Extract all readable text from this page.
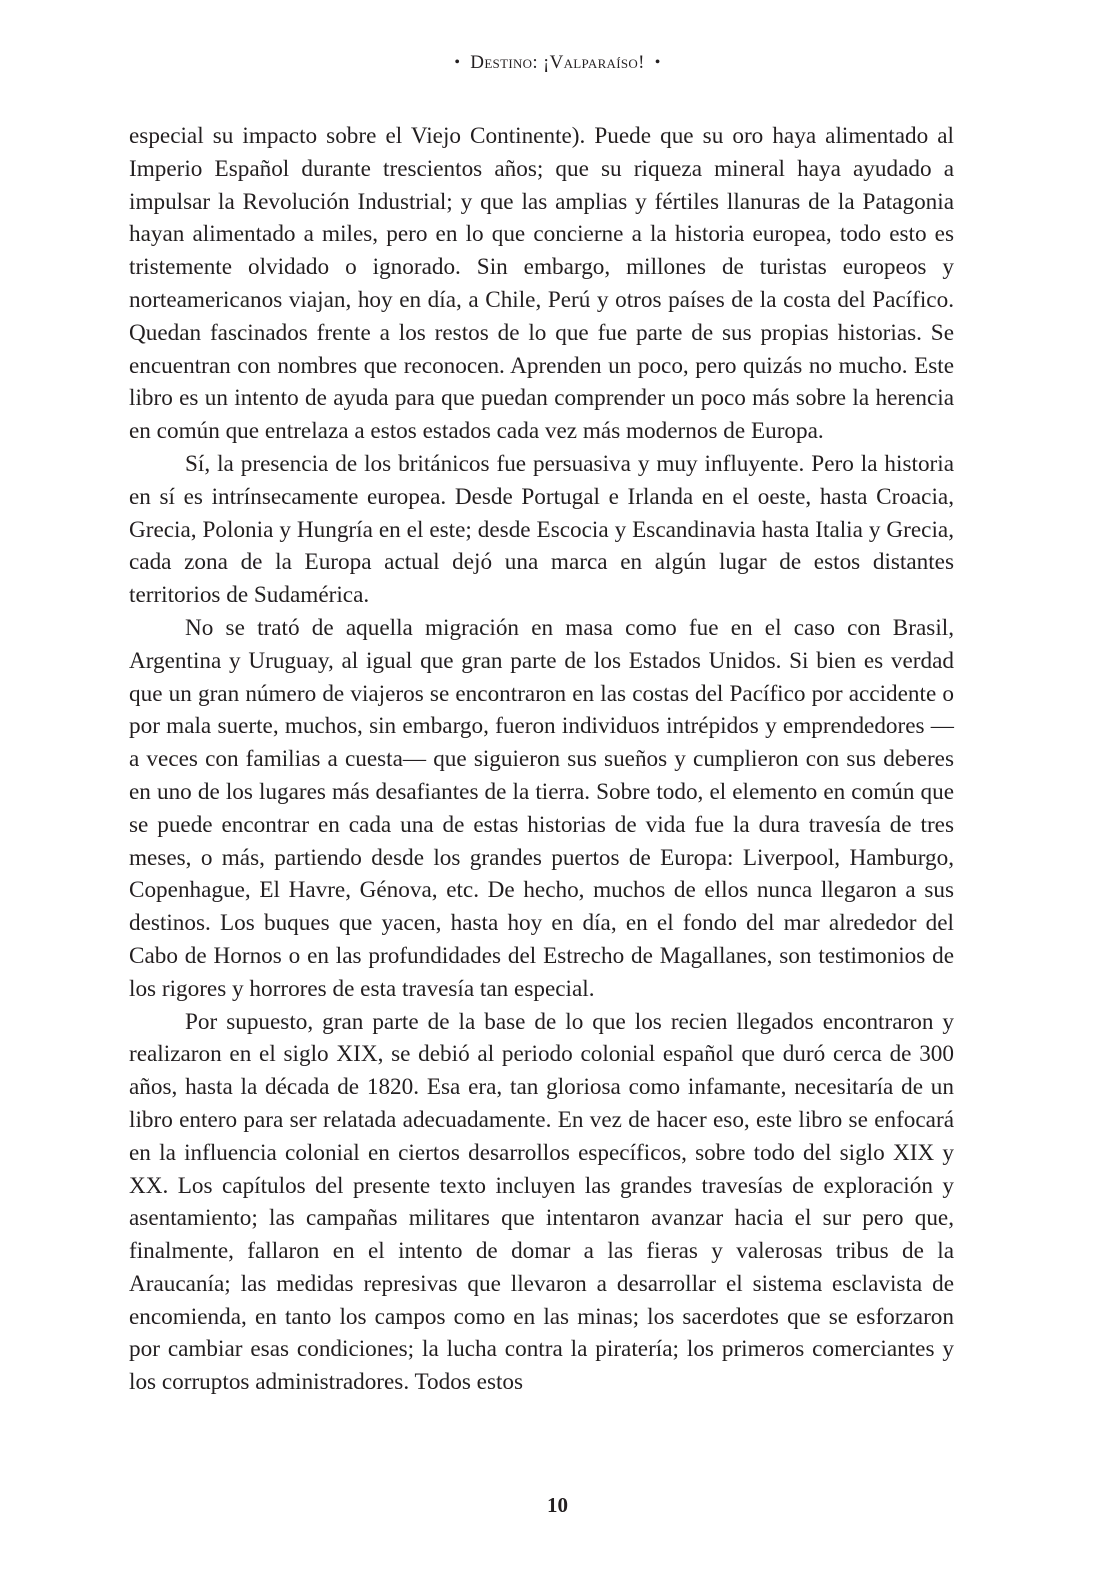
• Destino: ¡Valparaíso! •

especial su impacto sobre el Viejo Continente). Puede que su oro haya alimentado al Imperio Español durante trescientos años; que su riqueza mineral haya ayudado a impulsar la Revolución Industrial; y que las amplias y fértiles llanuras de la Patagonia hayan alimentado a miles, pero en lo que concierne a la historia europea, todo esto es tristemente olvidado o ignorado. Sin embargo, millones de turistas europeos y norteamericanos viajan, hoy en día, a Chile, Perú y otros países de la costa del Pacífico. Quedan fascinados frente a los restos de lo que fue parte de sus propias historias. Se encuentran con nombres que reconocen. Aprenden un poco, pero quizás no mucho. Este libro es un intento de ayuda para que puedan comprender un poco más sobre la herencia en común que entrelaza a estos estados cada vez más modernos de Europa.

Sí, la presencia de los británicos fue persuasiva y muy influyente. Pero la historia en sí es intrínsecamente europea. Desde Portugal e Irlanda en el oeste, hasta Croacia, Grecia, Polonia y Hungría en el este; desde Escocia y Escandinavia hasta Italia y Grecia, cada zona de la Europa actual dejó una marca en algún lugar de estos distantes territorios de Sudamérica.

No se trató de aquella migración en masa como fue en el caso con Brasil, Argentina y Uruguay, al igual que gran parte de los Estados Unidos. Si bien es verdad que un gran número de viajeros se encontraron en las costas del Pacífico por accidente o por mala suerte, muchos, sin embargo, fueron individuos intrépidos y emprendedores —a veces con familias a cuesta— que siguieron sus sueños y cumplieron con sus deberes en uno de los lugares más desafiantes de la tierra. Sobre todo, el elemento en común que se puede encontrar en cada una de estas historias de vida fue la dura travesía de tres meses, o más, partiendo desde los grandes puertos de Europa: Liverpool, Hamburgo, Copenhague, El Havre, Génova, etc. De hecho, muchos de ellos nunca llegaron a sus destinos. Los buques que yacen, hasta hoy en día, en el fondo del mar alrededor del Cabo de Hornos o en las profundidades del Estrecho de Magallanes, son testimonios de los rigores y horrores de esta travesía tan especial.

Por supuesto, gran parte de la base de lo que los recien llegados encontraron y realizaron en el siglo XIX, se debió al periodo colonial español que duró cerca de 300 años, hasta la década de 1820. Esa era, tan gloriosa como infamante, necesitaría de un libro entero para ser relatada adecuadamente. En vez de hacer eso, este libro se enfocará en la influencia colonial en ciertos desarrollos específicos, sobre todo del siglo XIX y XX. Los capítulos del presente texto incluyen las grandes travesías de exploración y asentamiento; las campañas militares que intentaron avanzar hacia el sur pero que, finalmente, fallaron en el intento de domar a las fieras y valerosas tribus de la Araucanía; las medidas represivas que llevaron a desarrollar el sistema esclavista de encomienda, en tanto los campos como en las minas; los sacerdotes que se esforzaron por cambiar esas condiciones; la lucha contra la piratería; los primeros comerciantes y los corruptos administradores. Todos estos

10
